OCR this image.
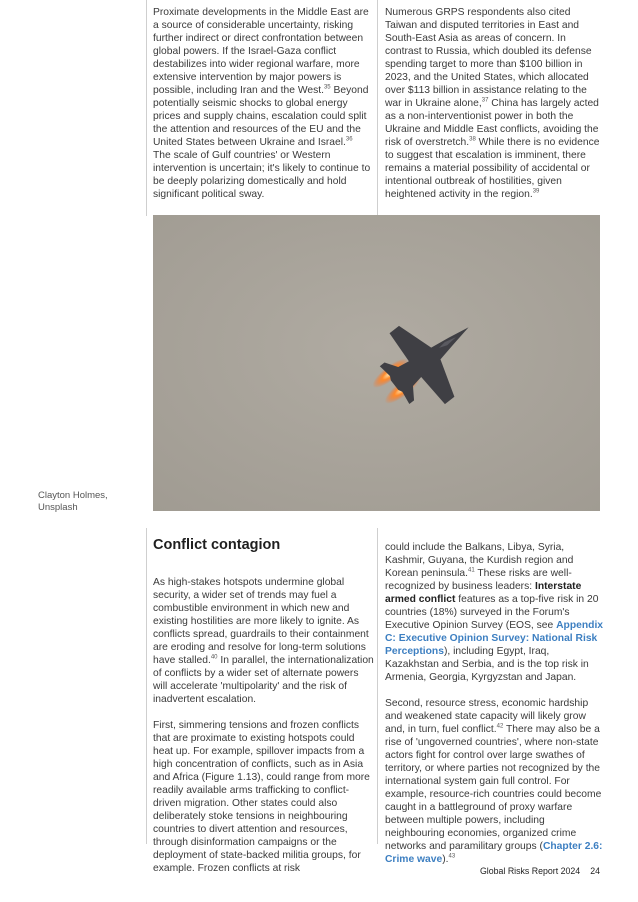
Proximate developments in the Middle East are a source of considerable uncertainty, risking further indirect or direct confrontation between global powers. If the Israel-Gaza conflict destabilizes into wider regional warfare, more extensive intervention by major powers is possible, including Iran and the West.$^{35}$ Beyond potentially seismic shocks to global energy prices and supply chains, escalation could split the attention and resources of the EU and the United States between Ukraine and Israel.$^{36}$ The scale of Gulf countries' or Western intervention is uncertain; it's likely to continue to be deeply polarizing domestically and hold significant political sway.

Numerous GRPS respondents also cited Taiwan and disputed territories in East and South-East Asia as areas of concern. In contrast to Russia, which doubled its defense spending target to more than $100 billion in 2023, and the United States, which allocated over $113 billion in assistance relating to the war in Ukraine alone,$^{37}$ China has largely acted as a non-interventionist power in both the Ukraine and Middle East conflicts, avoiding the risk of overstretch.$^{38}$ While there is no evidence to suggest that escalation is imminent, there remains a material possibility of accidental or intentional outbreak of hostilities, given heightened activity in the region.$^{39}$

Clayton Holmes,
Unsplash
Conflict contagion

As high-stakes hotspots undermine global security, a wider set of trends may fuel a combustible environment in which new and existing hostilities are more likely to ignite. As conflicts spread, guardrails to their containment are eroding and resolve for long-term solutions have stalled.$^{40}$ In parallel, the internationalization of conflicts by a wider set of alternate powers will accelerate 'multipolarity' and the risk of inadvertent escalation.

First, simmering tensions and frozen conflicts that are proximate to existing hotspots could heat up. For example, spillover impacts from a high concentration of conflicts, such as in Asia and Africa (Figure 1.13), could range from more readily available arms trafficking to conflict-driven migration. Other states could also deliberately stoke tensions in neighbouring countries to divert attention and resources, through disinformation campaigns or the deployment of state-backed militia groups, for example. Frozen conflicts at risk

could include the Balkans, Libya, Syria, Kashmir, Guyana, the Kurdish region and Korean peninsula.$^{41}$ These risks are well-recognized by business leaders: Interstate armed conflict features as a top-five risk in 20 countries (18%) surveyed in the Forum's Executive Opinion Survey (EOS, see Appendix C: Executive Opinion Survey: National Risk Perceptions), including Egypt, Iraq, Kazakhstan and Serbia, and is the top risk in Armenia, Georgia, Kyrgyzstan and Japan.

Second, resource stress, economic hardship and weakened state capacity will likely grow and, in turn, fuel conflict.$^{42}$ There may also be a rise of 'ungoverned countries', where non-state actors fight for control over large swathes of territory, or where parties not recognized by the international system gain full control. For example, resource-rich countries could become caught in a battleground of proxy warfare between multiple powers, including neighbouring economies, organized crime networks and paramilitary groups (Chapter 2.6: Crime wave).$^{43}$

Global Risks Report 2024 24
